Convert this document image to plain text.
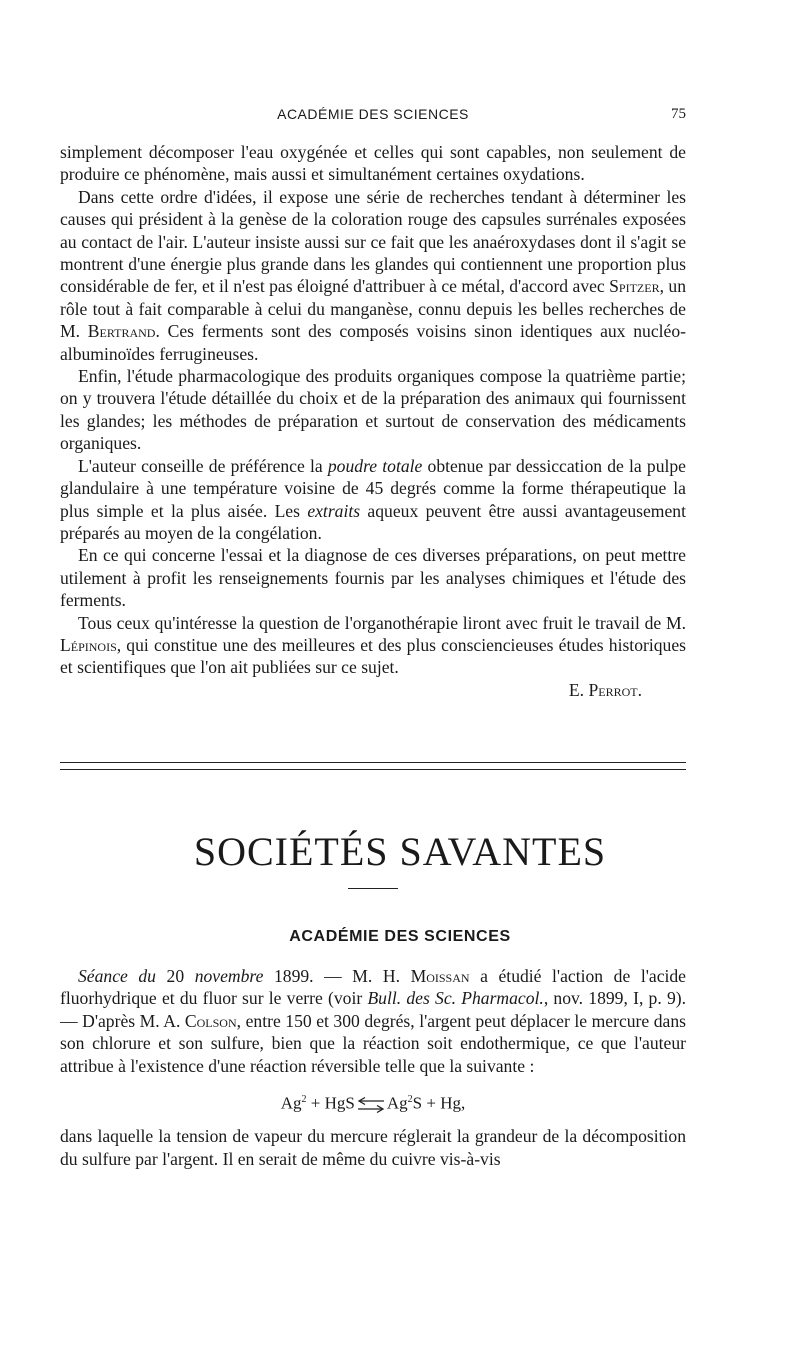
ACADÉMIE DES SCIENCES	75

simplement décomposer l'eau oxygénée et celles qui sont capables, non seulement de produire ce phénomène, mais aussi et simultanément certaines oxydations.

Dans cette ordre d'idées, il expose une série de recherches tendant à déterminer les causes qui président à la genèse de la coloration rouge des capsules surrénales exposées au contact de l'air. L'auteur insiste aussi sur ce fait que les anaéroxydases dont il s'agit se montrent d'une énergie plus grande dans les glandes qui contiennent une proportion plus considérable de fer, et il n'est pas éloigné d'attribuer à ce métal, d'accord avec Spitzer, un rôle tout à fait comparable à celui du manganèse, connu depuis les belles recherches de M. Bertrand. Ces ferments sont des composés voisins sinon identiques aux nucléo-albuminoïdes ferrugineuses.

Enfin, l'étude pharmacologique des produits organiques compose la quatrième partie; on y trouvera l'étude détaillée du choix et de la préparation des animaux qui fournissent les glandes; les méthodes de préparation et surtout de conservation des médicaments organiques.

L'auteur conseille de préférence la poudre totale obtenue par dessiccation de la pulpe glandulaire à une température voisine de 45 degrés comme la forme thérapeutique la plus simple et la plus aisée. Les extraits aqueux peuvent être aussi avantageusement préparés au moyen de la congélation.

En ce qui concerne l'essai et la diagnose de ces diverses préparations, on peut mettre utilement à profit les renseignements fournis par les analyses chimiques et l'étude des ferments.

Tous ceux qu'intéresse la question de l'organothérapie liront avec fruit le travail de M. Lépinois, qui constitue une des meilleures et des plus consciencieuses études historiques et scientifiques que l'on ait publiées sur ce sujet.

E. Perrot.

SOCIÉTÉS SAVANTES
ACADÉMIE DES SCIENCES

Séance du 20 novembre 1899. — M. H. Moissan a étudié l'action de l'acide fluorhydrique et du fluor sur le verre (voir Bull. des Sc. Pharmacol., nov. 1899, I, p. 9). — D'après M. A. Colson, entre 150 et 300 degrés, l'argent peut déplacer le mercure dans son chlorure et son sulfure, bien que la réaction soit endothermique, ce que l'auteur attribue à l'existence d'une réaction réversible telle que la suivante :

$Ag^2$ + $HgS\rightleftharpoons Ag^2S + Hg$,

dans laquelle la tension de vapeur du mercure réglerait la grandeur de la décomposition du sulfure par l'argent. Il en serait de même du cuivre vis-à-vis
